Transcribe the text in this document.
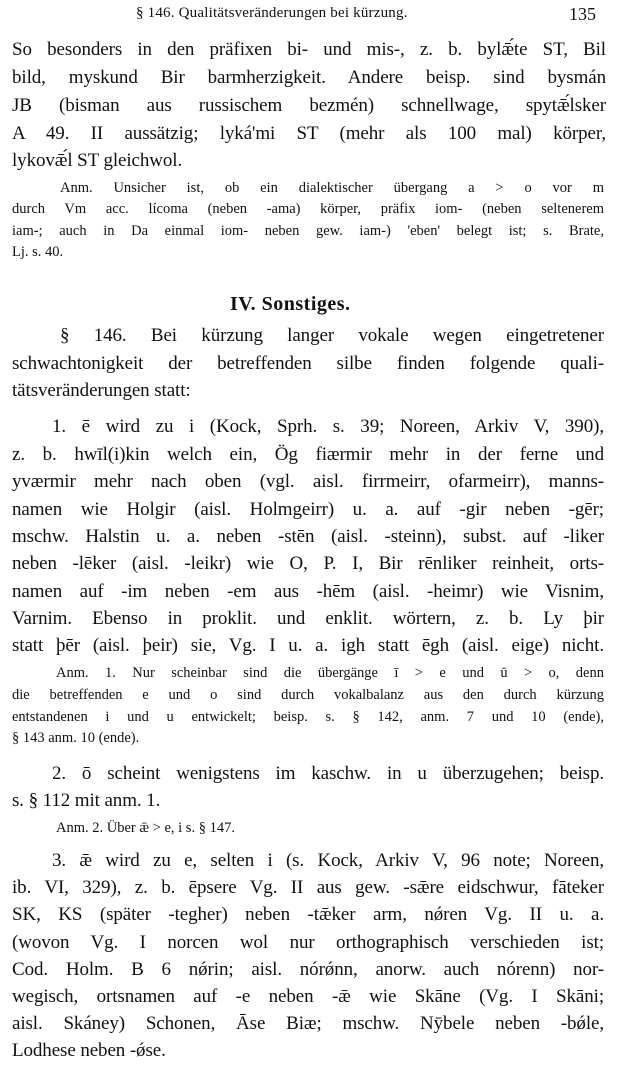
§ 146. Qualitätsveränderungen bei kürzung.	135
So besonders in den präfixen bi- und mis-, z. b. bylǣ́te ST, Bil
bild, myskund Bir barmherzigkeit. Andere beisp. sind bysmán
JB (bisman aus russischem bezmén) schnellwage, spytǣ́lsker
A 49. II aussätzig; lyká'mi ST (mehr als 100 mal) körper,
lykovǣ́l ST gleichwol.
Anm. Unsicher ist, ob ein dialektischer übergang a > o vor m
durch Vm acc. lícoma (neben -ama) körper, präfix iom- (neben seltenerem
iam-; auch in Da einmal iom- neben gew. iam-) 'eben' belegt ist; s. Brate,
Lj. s. 40.
IV. Sonstiges.
§ 146. Bei kürzung langer vokale wegen eingetretener
schwachtonigkeit der betreffenden silbe finden folgende quali-
tätsveränderungen statt:
1. ē wird zu i (Kock, Sprh. s. 39; Noreen, Arkiv V, 390),
z. b. hwīl(i)kin welch ein, Ög fiærmir mehr in der ferne und
yværmir mehr nach oben (vgl. aisl. firrmeirr, ofarmeirr), manns-
namen wie Holgir (aisl. Holmgeirr) u. a. auf -gir neben -gēr;
mschw. Halstin u. a. neben -stēn (aisl. -steinn), subst. auf -liker
neben -lēker (aisl. -leikr) wie O, P. I, Bir rēnliker reinheit, orts-
namen auf -im neben -em aus -hēm (aisl. -heimr) wie Visnim,
Varnim. Ebenso in proklit. und enklit. wörtern, z. b. Ly þir
statt þēr (aisl. þeir) sie, Vg. I u. a. igh statt ēgh (aisl. eige) nicht.
Anm. 1. Nur scheinbar sind die übergänge ī > e und ū > o, denn
die betreffenden e und o sind durch vokalbalanz aus den durch kürzung
entstandenen i und u entwickelt; beisp. s. § 142, anm. 7 und 10 (ende),
§ 143 anm. 10 (ende).
2. ō scheint wenigstens im kaschw. in u überzugehen; beisp.
s. § 112 mit anm. 1.
Anm. 2. Über ǣ > e, i s. § 147.
3. ǣ wird zu e, selten i (s. Kock, Arkiv V, 96 note; Noreen,
ib. VI, 329), z. b. ēpsere Vg. II aus gew. -sǣre eidschwur, fāteker
SK, KS (später -tegher) neben -tǣker arm, nǿren Vg. II u. a.
(wovon Vg. I norcen wol nur orthographisch verschieden ist;
Cod. Holm. B 6 nǿrin; aisl. nórǿnn, anorw. auch nórenn) nor-
wegisch, ortsnamen auf -e neben -ǣ wie Skāne (Vg. I Skāni;
aisl. Skáney) Schonen, Āse Biæ; mschw. Nȳbele neben -bǿle,
Lodhese neben -ǿse.
